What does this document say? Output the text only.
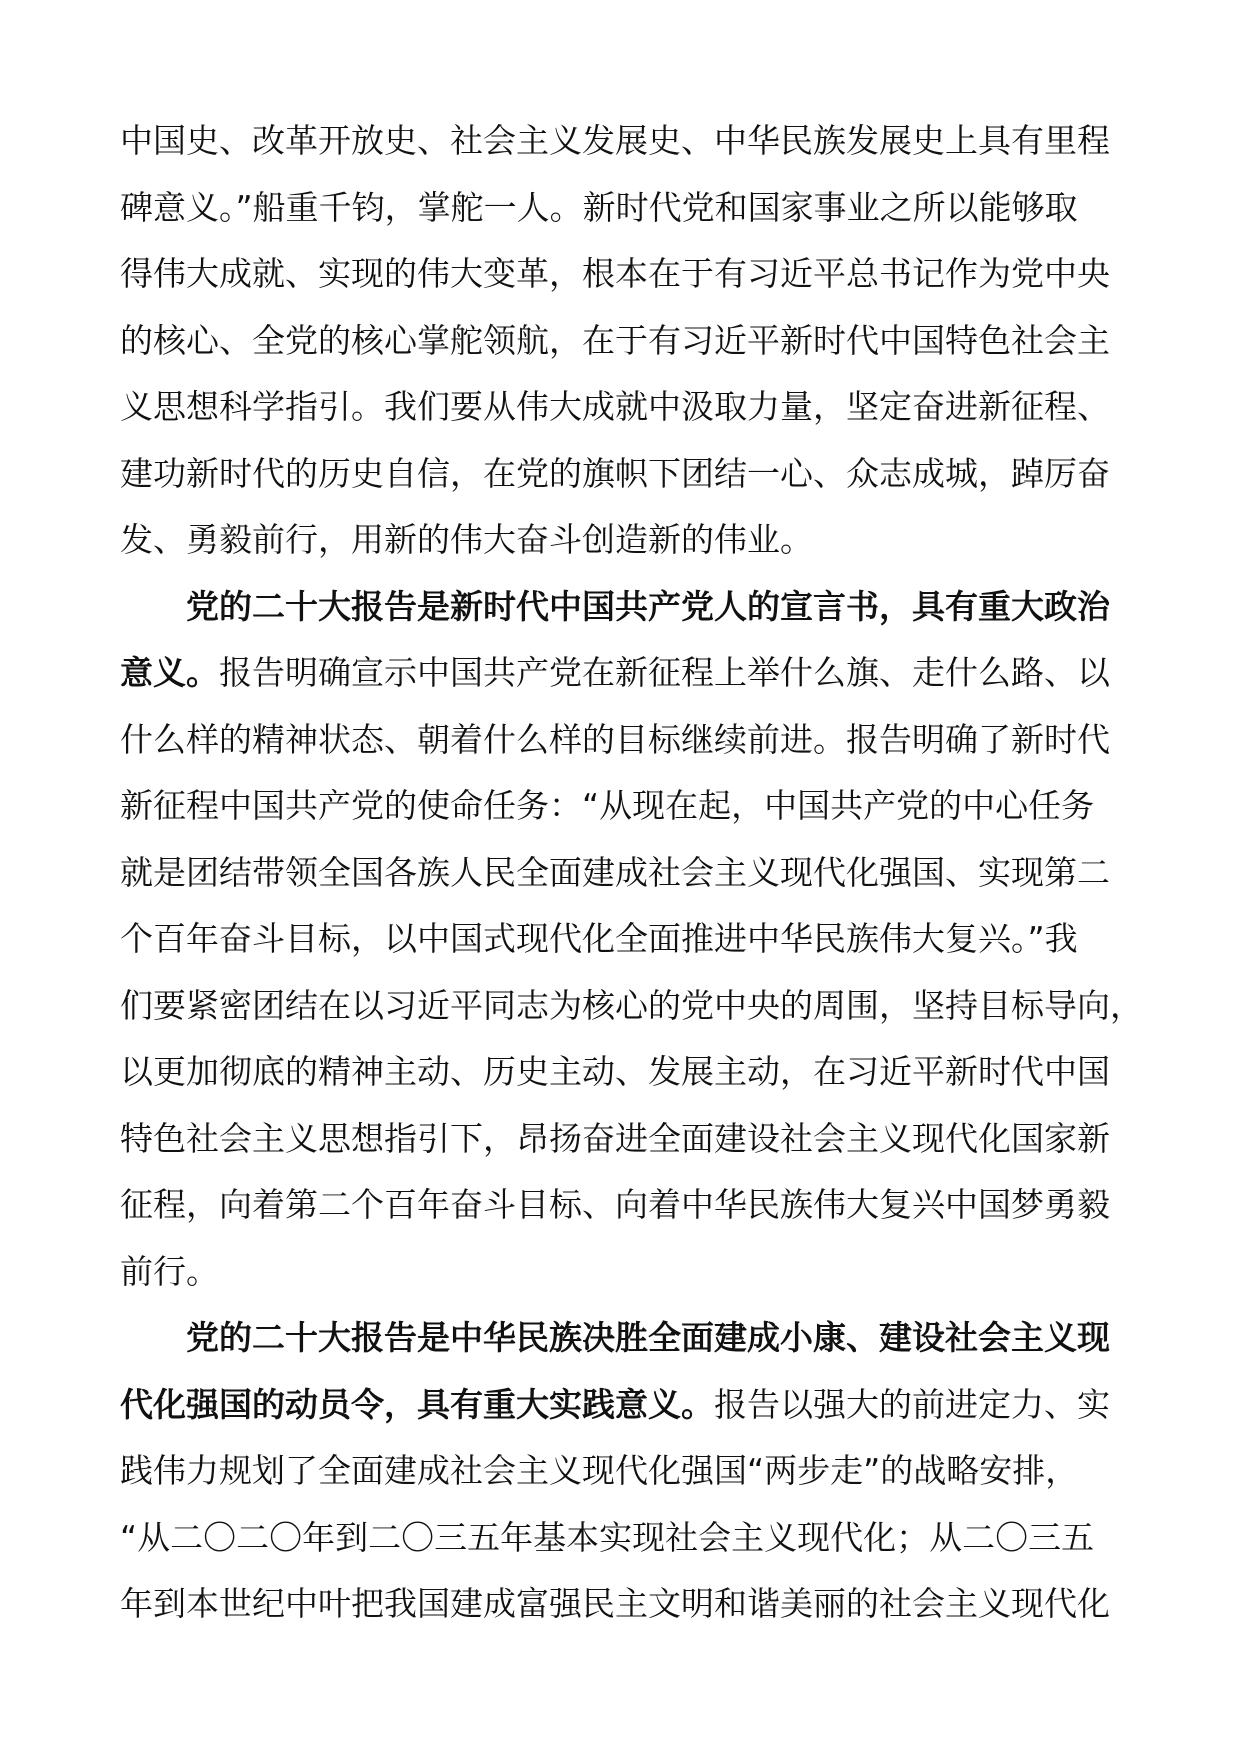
中国史、改革开放史、社会主义发展史、中华民族发展史上具有里程
碑意义。”船重千钧，掌舵一人。新时代党和国家事业之所以能够取
得伟大成就、实现的伟大变革，根本在于有习近平总书记作为党中央
的核心、全党的核心掌舵领航，在于有习近平新时代中国特色社会主
义思想科学指引。我们要从伟大成就中汲取力量，坚定奋进新征程、
建功新时代的历史自信，在党的旗帜下团结一心、众志成城，踔厉奋
发、勇毅前行，用新的伟大奋斗创造新的伟业。
党的二十大报告是新时代中国共产党人的宣言书，具有重大政治
意义。报告明确宣示中国共产党在新征程上举什么旗、走什么路、以
什么样的精神状态、朝着什么样的目标继续前进。报告明确了新时代
新征程中国共产党的使命任务：“从现在起，中国共产党的中心任务
就是团结带领全国各族人民全面建成社会主义现代化强国、实现第二
个百年奋斗目标，以中国式现代化全面推进中华民族伟大复兴。”我
们要紧密团结在以习近平同志为核心的党中央的周围，坚持目标导向，
以更加彻底的精神主动、历史主动、发展主动，在习近平新时代中国
特色社会主义思想指引下，昂扬奋进全面建设社会主义现代化国家新
征程，向着第二个百年奋斗目标、向着中华民族伟大复兴中国梦勇毅
前行。
党的二十大报告是中华民族决胜全面建成小康、建设社会主义现
代化强国的动员令，具有重大实践意义。报告以强大的前进定力、实
践伟力规划了全面建成社会主义现代化强国“两步走”的战略安排，
“从二〇二〇年到二〇三五年基本实现社会主义现代化；从二〇三五
年到本世纪中叶把我国建成富强民主文明和谐美丽的社会主义现代化
